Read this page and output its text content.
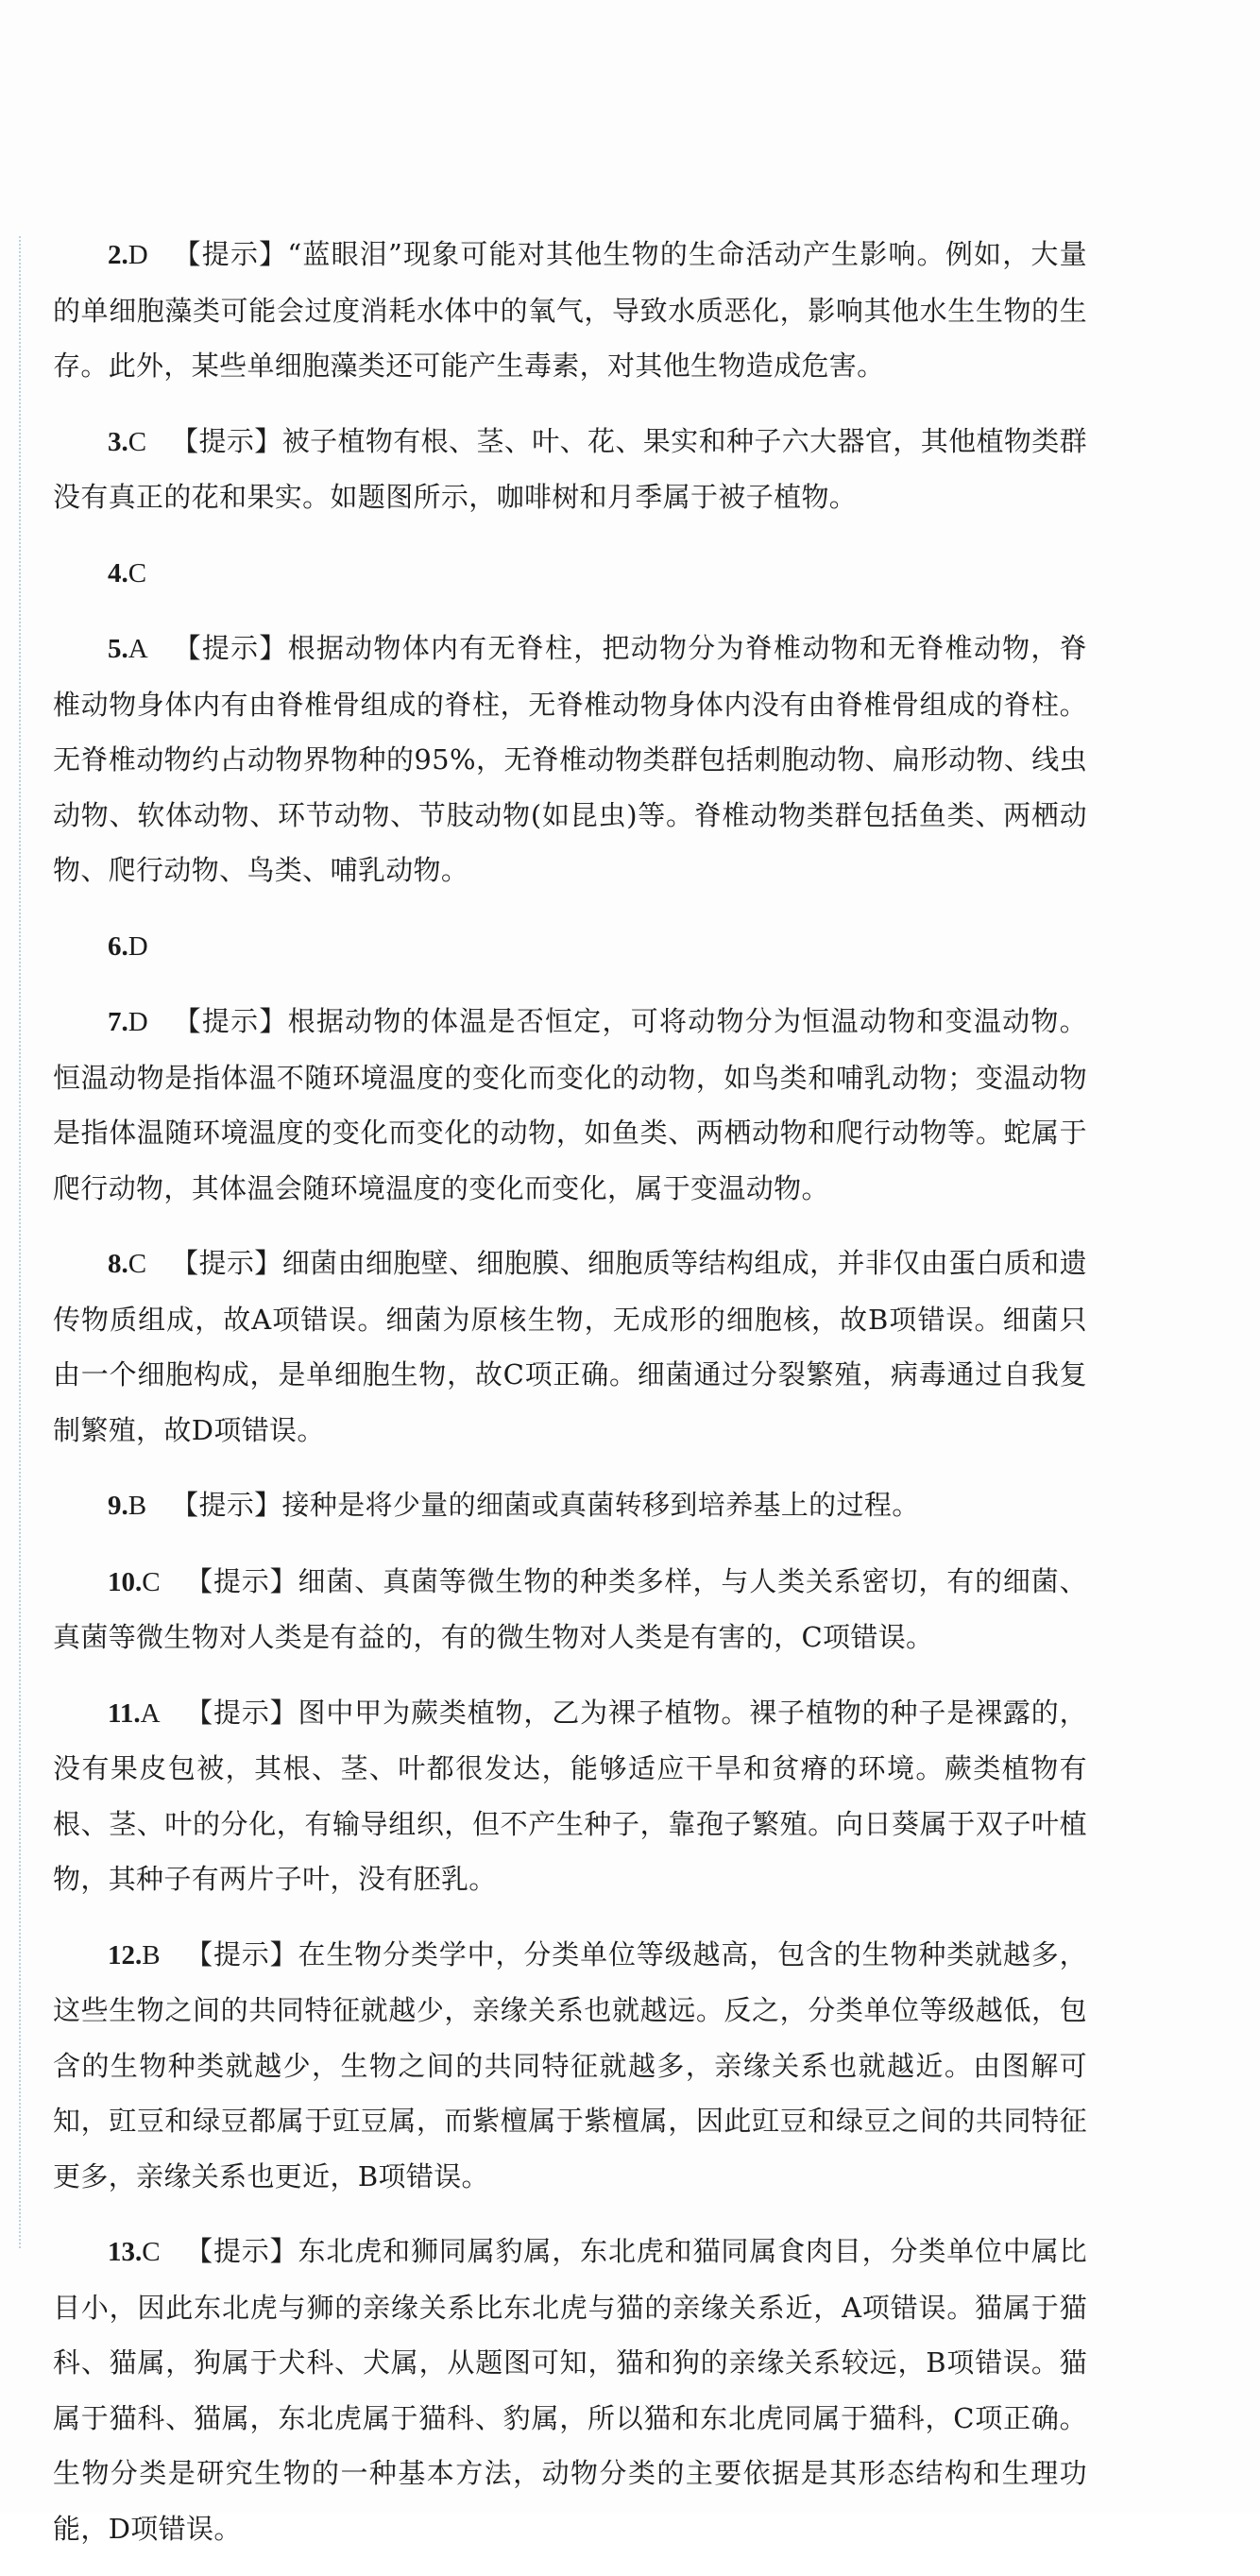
2.D 【提示】“蓝眼泪”现象可能对其他生物的生命活动产生影响。例如，大量的单细胞藻类可能会过度消耗水体中的氧气，导致水质恶化，影响其他水生生物的生存。此外，某些单细胞藻类还可能产生毒素，对其他生物造成危害。

3.C 【提示】被子植物有根、茎、叶、花、果实和种子六大器官，其他植物类群没有真正的花和果实。如题图所示，咖啡树和月季属于被子植物。

4.C

5.A 【提示】根据动物体内有无脊柱，把动物分为脊椎动物和无脊椎动物，脊椎动物身体内有由脊椎骨组成的脊柱，无脊椎动物身体内没有由脊椎骨组成的脊柱。无脊椎动物约占动物界物种的95%，无脊椎动物类群包括刺胞动物、扁形动物、线虫动物、软体动物、环节动物、节肢动物(如昆虫)等。脊椎动物类群包括鱼类、两栖动物、爬行动物、鸟类、哺乳动物。

6.D

7.D 【提示】根据动物的体温是否恒定，可将动物分为恒温动物和变温动物。恒温动物是指体温不随环境温度的变化而变化的动物，如鸟类和哺乳动物；变温动物是指体温随环境温度的变化而变化的动物，如鱼类、两栖动物和爬行动物等。蛇属于爬行动物，其体温会随环境温度的变化而变化，属于变温动物。

8.C 【提示】细菌由细胞壁、细胞膜、细胞质等结构组成，并非仅由蛋白质和遗传物质组成，故A项错误。细菌为原核生物，无成形的细胞核，故B项错误。细菌只由一个细胞构成，是单细胞生物，故C项正确。细菌通过分裂繁殖，病毒通过自我复制繁殖，故D项错误。

9.B 【提示】接种是将少量的细菌或真菌转移到培养基上的过程。

10.C 【提示】细菌、真菌等微生物的种类多样，与人类关系密切，有的细菌、真菌等微生物对人类是有益的，有的微生物对人类是有害的，C项错误。

11.A 【提示】图中甲为蕨类植物，乙为裸子植物。裸子植物的种子是裸露的，没有果皮包被，其根、茎、叶都很发达，能够适应干旱和贫瘠的环境。蕨类植物有根、茎、叶的分化，有输导组织，但不产生种子，靠孢子繁殖。向日葵属于双子叶植物，其种子有两片子叶，没有胚乳。

12.B 【提示】在生物分类学中，分类单位等级越高，包含的生物种类就越多，这些生物之间的共同特征就越少，亲缘关系也就越远。反之，分类单位等级越低，包含的生物种类就越少，生物之间的共同特征就越多，亲缘关系也就越近。由图解可知，豇豆和绿豆都属于豇豆属，而紫檀属于紫檀属，因此豇豆和绿豆之间的共同特征更多，亲缘关系也更近，B项错误。

13.C 【提示】东北虎和狮同属豹属，东北虎和猫同属食肉目，分类单位中属比目小，因此东北虎与狮的亲缘关系比东北虎与猫的亲缘关系近，A项错误。猫属于猫科、猫属，狗属于犬科、犬属，从题图可知，猫和狗的亲缘关系较远，B项错误。猫属于猫科、猫属，东北虎属于猫科、豹属，所以猫和东北虎同属于猫科，C项正确。生物分类是研究生物的一种基本方法，动物分类的主要依据是其形态结构和生理功能，D项错误。
